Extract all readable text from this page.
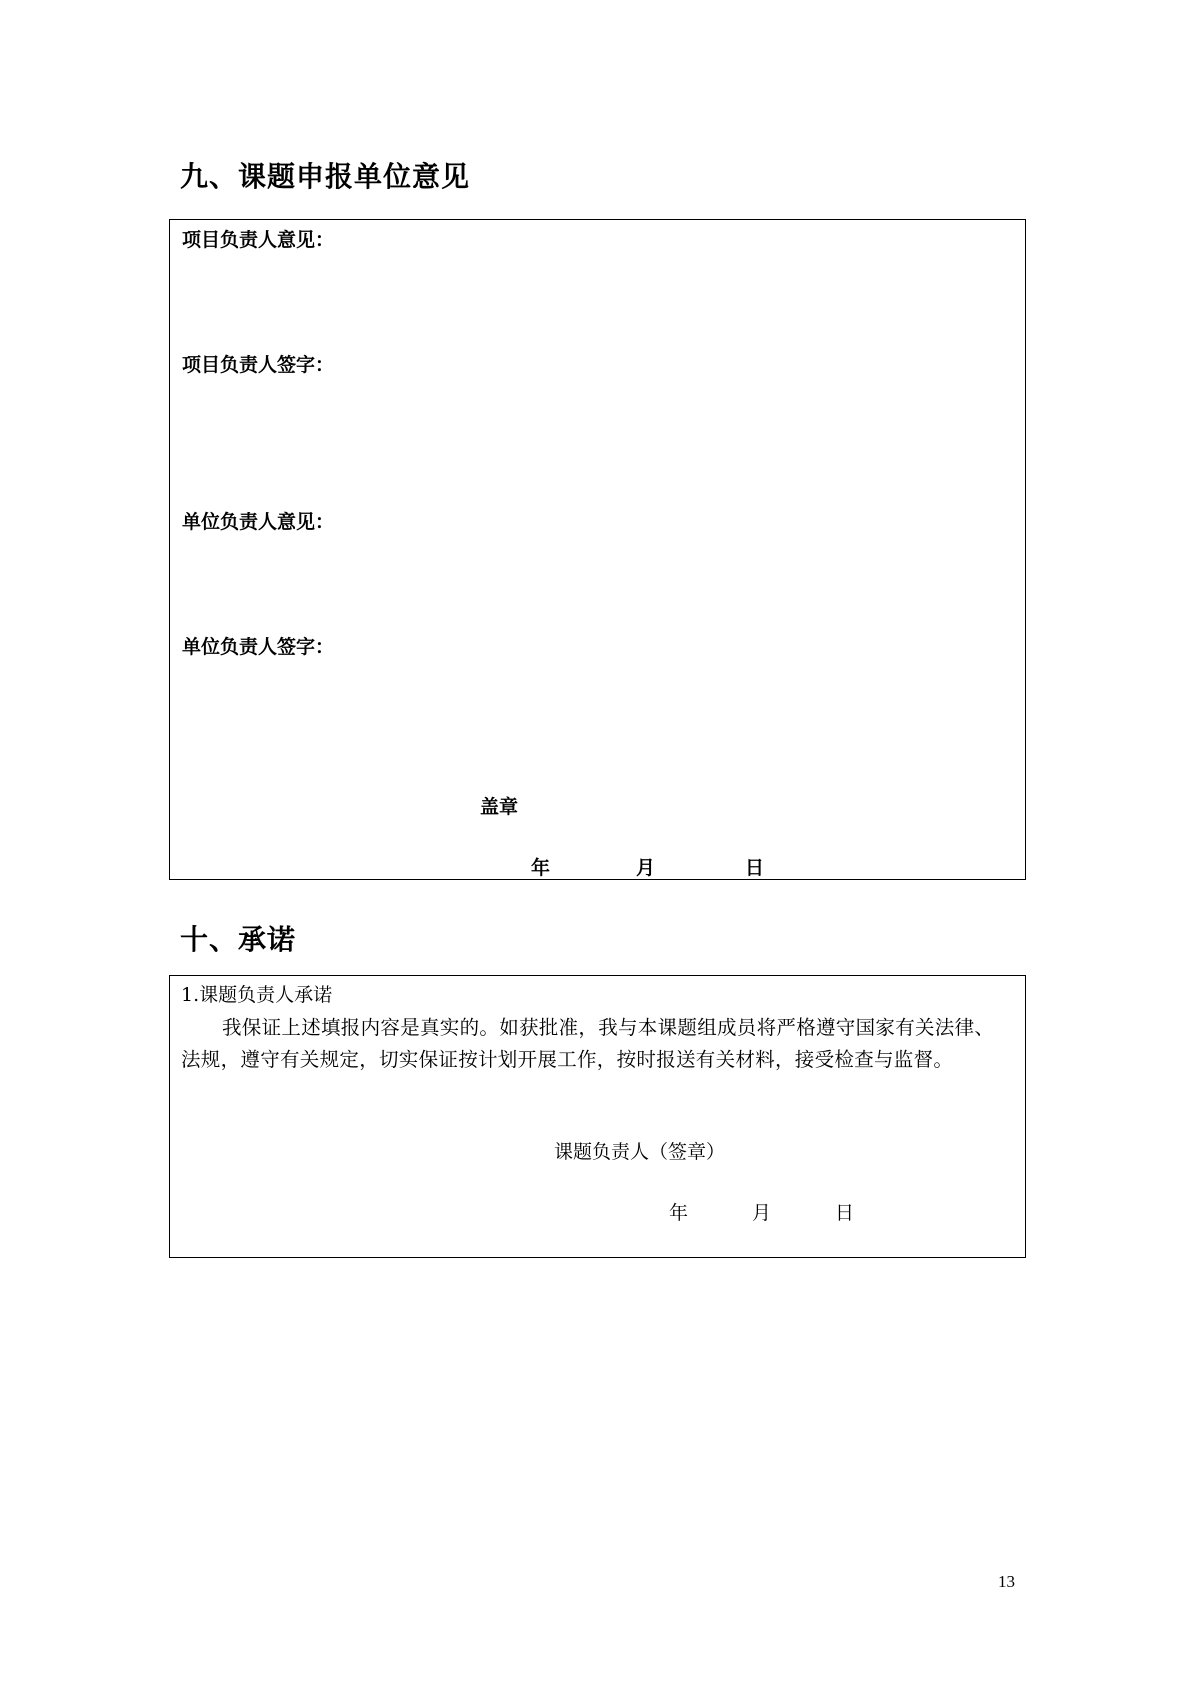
九、课题申报单位意见
项目负责人意见：
项目负责人签字：
单位负责人意见：
单位负责人签字：
盖章
年	月	日
十、承诺
1.课题负责人承诺
我保证上述填报内容是真实的。如获批准，我与本课题组成员将严格遵守国家有关法律、
法规，遵守有关规定，切实保证按计划开展工作，按时报送有关材料，接受检查与监督。
课题负责人（签章）
年	月	日
13
